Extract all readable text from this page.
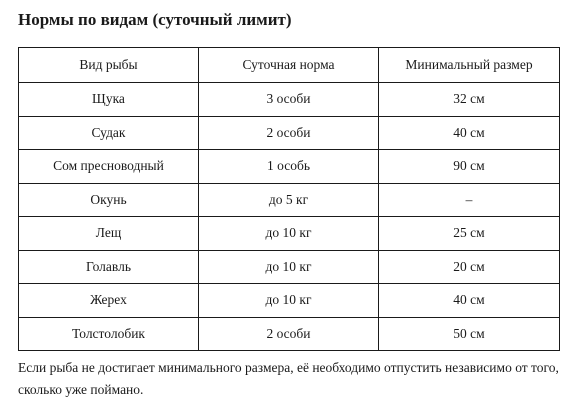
Нормы по видам (суточный лимит)
Вид рыбы	Суточная норма	Минимальный размер
Щука	3 особи	32 см
Судак	2 особи	40 см
Сом пресноводный	1 особь	90 см
Окунь	до 5 кг	–
Лещ	до 10 кг	25 см
Голавль	до 10 кг	20 см
Жерех	до 10 кг	40 см
Толстолобик	2 особи	50 см
Если рыба не достигает минимального размера, её необходимо отпустить независимо от того, сколько уже поймано.
